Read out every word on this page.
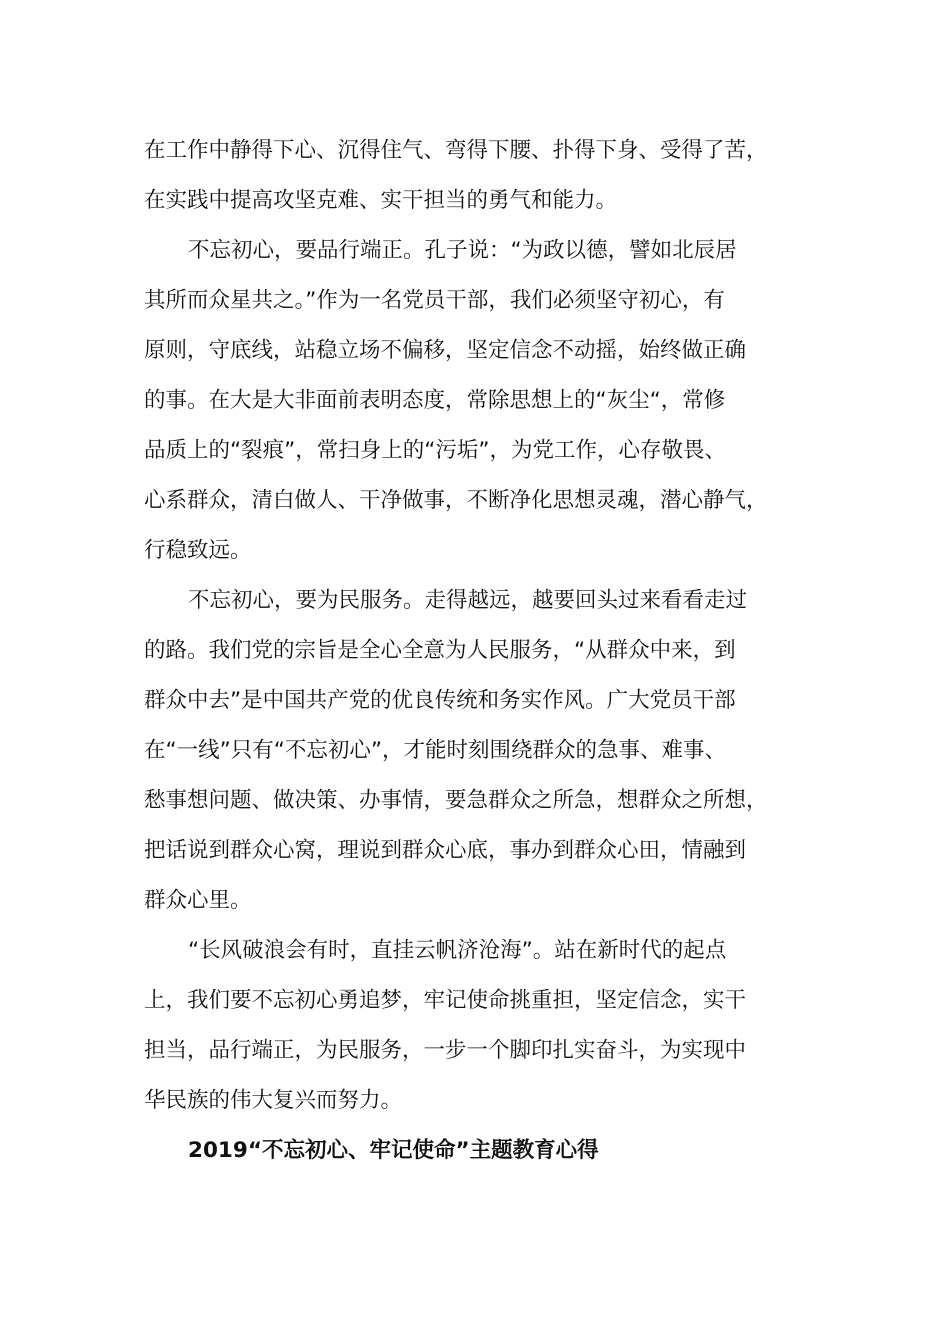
在工作中静得下心、沉得住气、弯得下腰、扑得下身、受得了苦，
在实践中提高攻坚克难、实干担当的勇气和能力。
不忘初心，要品行端正。孔子说：“为政以德，譬如北辰居
其所而众星共之。”作为一名党员干部，我们必须坚守初心，有
原则，守底线，站稳立场不偏移，坚定信念不动摇，始终做正确
的事。在大是大非面前表明态度，常除思想上的“灰尘“，常修
品质上的“裂痕”，常扫身上的“污垢”，为党工作，心存敬畏、
心系群众，清白做人、干净做事，不断净化思想灵魂，潜心静气，
行稳致远。
不忘初心，要为民服务。走得越远，越要回头过来看看走过
的路。我们党的宗旨是全心全意为人民服务，“从群众中来，到
群众中去”是中国共产党的优良传统和务实作风。广大党员干部
在“一线”只有“不忘初心”，才能时刻围绕群众的急事、难事、
愁事想问题、做决策、办事情，要急群众之所急，想群众之所想，
把话说到群众心窝，理说到群众心底，事办到群众心田，情融到
群众心里。
“长风破浪会有时，直挂云帆济沧海”。站在新时代的起点
上，我们要不忘初心勇追梦，牢记使命挑重担，坚定信念，实干
担当，品行端正，为民服务，一步一个脚印扎实奋斗，为实现中
华民族的伟大复兴而努力。
2019“不忘初心、牢记使命”主题教育心得
